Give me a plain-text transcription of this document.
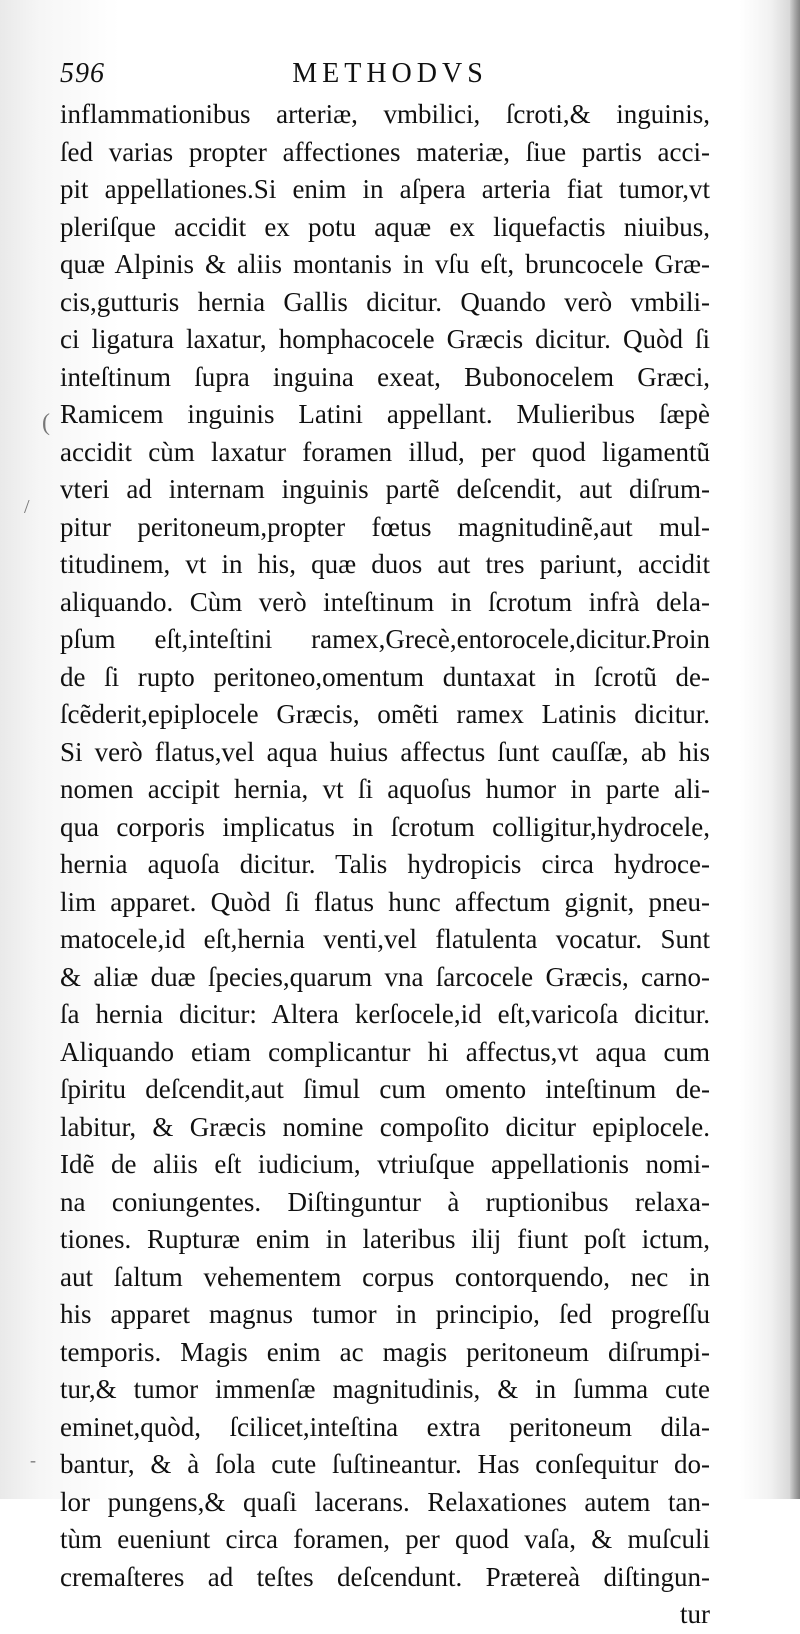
596	METHODVS
inflammationibus arteriæ, vmbilici, ſcroti,& inguinis,
ſed varias propter affectiones materiæ, ſiue partis acci-
pit appellationes.Si enim in aſpera arteria fiat tumor,vt
pleriſque accidit ex potu aquæ ex liquefactis niuibus,
quæ Alpinis & aliis montanis in vſu eſt, bruncocele Græ-
cis,gutturis hernia Gallis dicitur. Quando verò vmbili-
ci ligatura laxatur, homphacocele Græcis dicitur. Quòd ſi
inteſtinum ſupra inguina exeat, Bubonocelem Græci,
Ramicem inguinis Latini appellant. Mulieribus ſæpè
accidit cùm laxatur foramen illud, per quod ligamentũ
vteri ad internam inguinis partẽ deſcendit, aut diſrum-
pitur peritoneum,propter fœtus magnitudinẽ,aut mul-
titudinem, vt in his, quæ duos aut tres pariunt, accidit
aliquando. Cùm verò inteſtinum in ſcrotum infrà dela-
pſum eſt,inteſtini ramex,Grecè,entorocele,dicitur.Proin
de ſi rupto peritoneo,omentum duntaxat in ſcrotũ de-
ſcẽderit,epiplocele Græcis, omẽti ramex Latinis dicitur.
Si verò flatus,vel aqua huius affectus ſunt cauſſæ, ab his
nomen accipit hernia, vt ſi aquoſus humor in parte ali-
qua corporis implicatus in ſcrotum colligitur,hydrocele,
hernia aquoſa dicitur. Talis hydropicis circa hydroce-
lim apparet. Quòd ſi flatus hunc affectum gignit, pneu-
matocele,id eſt,hernia venti,vel flatulenta vocatur. Sunt
& aliæ duæ ſpecies,quarum vna ſarcocele Græcis, carno-
ſa hernia dicitur: Altera kerſocele,id eſt,varicoſa dicitur.
Aliquando etiam complicantur hi affectus,vt aqua cum
ſpiritu deſcendit,aut ſimul cum omento inteſtinum de-
labitur, & Græcis nomine compoſito dicitur epiplocele.
Idẽ de aliis eſt iudicium, vtriuſque appellationis nomi-
na coniungentes. Diſtinguntur à ruptionibus relaxa-
tiones. Rupturæ enim in lateribus ilij fiunt poſt ictum,
aut ſaltum vehementem corpus contorquendo, nec in
his apparet magnus tumor in principio, ſed progreſſu
temporis. Magis enim ac magis peritoneum diſrumpi-
tur,& tumor immenſæ magnitudinis, & in ſumma cute
eminet,quòd, ſcilicet,inteſtina extra peritoneum dila-
bantur, & à ſola cute ſuſtineantur. Has conſequitur do-
lor pungens,& quaſi lacerans. Relaxationes autem tan-
tùm eueniunt circa foramen, per quod vaſa, & muſculi
cremaſteres ad teſtes deſcendunt. Prætereà diſtingun-
tur
(
/
-
